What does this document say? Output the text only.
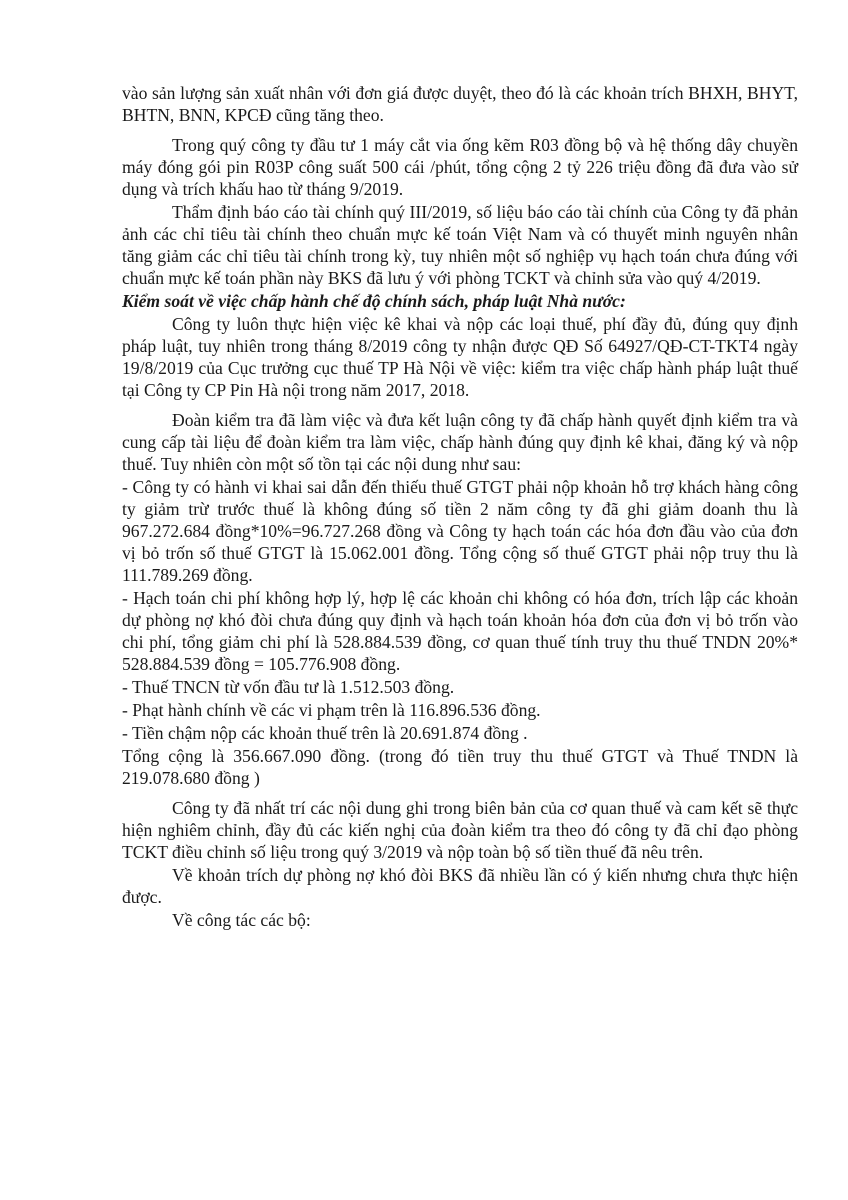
vào sản lượng sản xuất nhân với đơn giá được duyệt, theo đó là các khoản trích BHXH, BHYT, BHTN, BNN, KPCĐ cũng tăng theo.

Trong quý công ty đầu tư 1 máy cắt via ống kẽm R03 đồng bộ và hệ thống dây chuyền máy đóng gói pin R03P công suất 500 cái /phút, tổng cộng 2 tỷ 226 triệu đồng đã đưa vào sử dụng và trích khấu hao từ tháng 9/2019.

Thẩm định báo cáo tài chính quý III/2019, số liệu báo cáo tài chính của Công ty đã phản ảnh các chỉ tiêu tài chính theo chuẩn mực kế toán Việt Nam và có thuyết minh nguyên nhân tăng giảm các chỉ tiêu tài chính trong kỳ, tuy nhiên một số nghiệp vụ hạch toán chưa đúng với chuẩn mực kế toán phần này BKS đã lưu ý với phòng TCKT và chỉnh sửa vào quý 4/2019.

Kiểm soát về việc chấp hành chế độ chính sách, pháp luật Nhà nước:

Công ty luôn thực hiện việc kê khai và nộp các loại thuế, phí đầy đủ, đúng quy định pháp luật, tuy nhiên trong tháng 8/2019 công ty nhận được QĐ Số 64927/QĐ-CT-TKT4 ngày 19/8/2019 của Cục trưởng cục thuế TP Hà Nội về việc: kiểm tra việc chấp hành pháp luật thuế tại Công ty CP Pin Hà nội trong năm 2017, 2018.

Đoàn kiểm tra đã làm việc và đưa kết luận công ty đã chấp hành quyết định kiểm tra và cung cấp tài liệu để đoàn kiểm tra làm việc, chấp hành đúng quy định kê khai, đăng ký và nộp thuế. Tuy nhiên còn một số tồn tại các nội dung như sau:

- Công ty có hành vi khai sai dẫn đến thiếu thuế GTGT phải nộp khoản hỗ trợ khách hàng công ty giảm trừ trước thuế là không đúng số tiền 2 năm công ty đã ghi giảm doanh thu là 967.272.684 đồng*10%=96.727.268 đồng và Công ty hạch toán các hóa đơn đầu vào của đơn vị bỏ trốn số thuế GTGT là 15.062.001 đồng. Tổng cộng số thuế GTGT phải nộp truy thu là 111.789.269 đồng.

- Hạch toán chi phí không hợp lý, hợp lệ các khoản chi không có hóa đơn, trích lập các khoản dự phòng nợ khó đòi chưa đúng quy định và hạch toán khoản hóa đơn của đơn vị bỏ trốn vào chi phí, tổng giảm chi phí là 528.884.539 đồng, cơ quan thuế tính truy thu thuế TNDN 20%* 528.884.539 đồng = 105.776.908 đồng.

- Thuế TNCN từ vốn đầu tư là 1.512.503 đồng.

- Phạt hành chính về các vi phạm trên là 116.896.536 đồng.

- Tiền chậm nộp các khoản thuế trên là 20.691.874 đồng .

Tổng cộng là 356.667.090 đồng. (trong đó tiền truy thu thuế GTGT và Thuế TNDN là 219.078.680 đồng )

Công ty đã nhất trí các nội dung ghi trong biên bản của cơ quan thuế và cam kết sẽ thực hiện nghiêm chỉnh, đầy đủ các kiến nghị của đoàn kiểm tra theo đó công ty đã chỉ đạo phòng TCKT điều chỉnh số liệu trong quý 3/2019 và nộp toàn bộ số tiền thuế đã nêu trên.

Về khoản trích dự phòng nợ khó đòi BKS đã nhiều lần có ý kiến nhưng chưa thực hiện được.

Về công tác các bộ:
